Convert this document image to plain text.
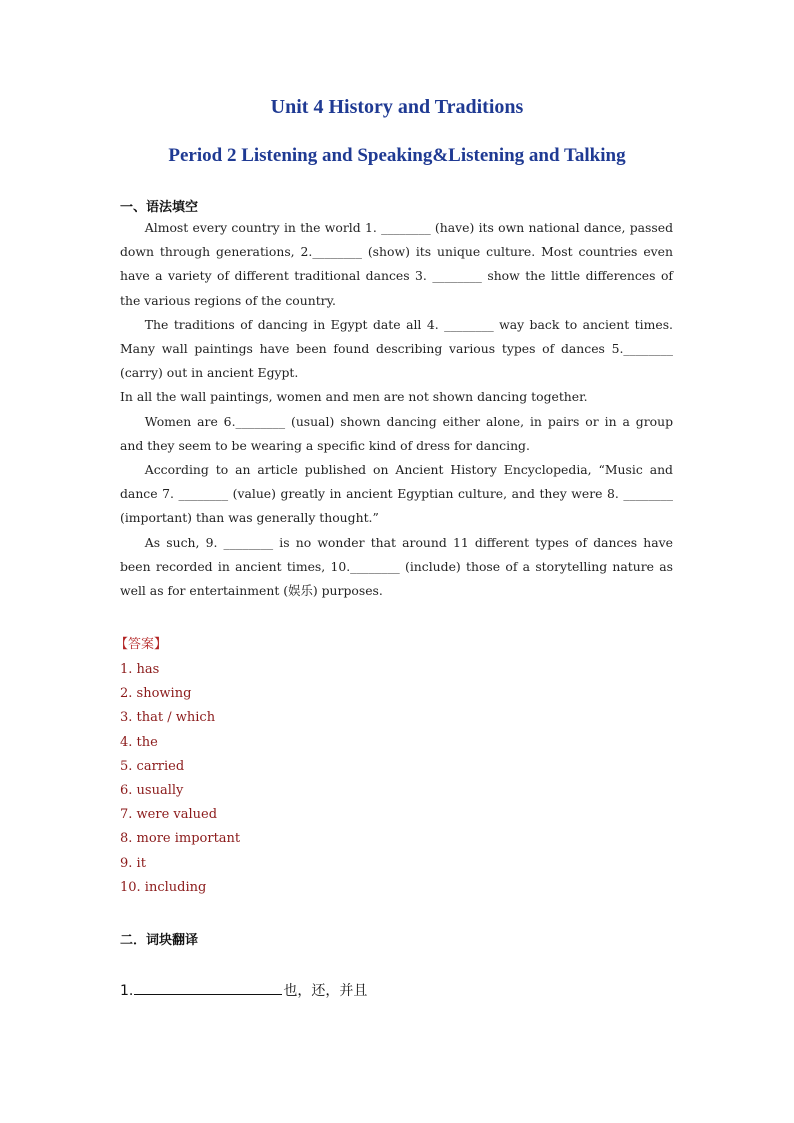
Unit 4 History and Traditions
Period 2 Listening and Speaking&Listening and Talking
一、语法填空

Almost every country in the world 1. ________ (have) its own national dance, passed down through generations, 2.________ (show) its unique culture. Most countries even have a variety of different traditional dances 3. ________ show the little differences of the various regions of the country.

The traditions of dancing in Egypt date all 4. ________ way back to ancient times. Many wall paintings have been found describing various types of dances 5.________ (carry) out in ancient Egypt.

In all the wall paintings, women and men are not shown dancing together.

Women are 6.________ (usual) shown dancing either alone, in pairs or in a group and they seem to be wearing a specific kind of dress for dancing.

According to an article published on Ancient History Encyclopedia, “Music and dance 7. ________ (value) greatly in ancient Egyptian culture, and they were 8. ________ (important) than was generally thought.”

As such, 9. ________ is no wonder that around 11 different types of dances have been recorded in ancient times, 10.________ (include) those of a storytelling nature as well as for entertainment (娱乐) purposes.

【答案】
1. has
2. showing
3. that / which
4. the
5. carried
6. usually
7. were valued
8. more important
9. it
10. including
二．词块翻译
1.	也，还，并且
